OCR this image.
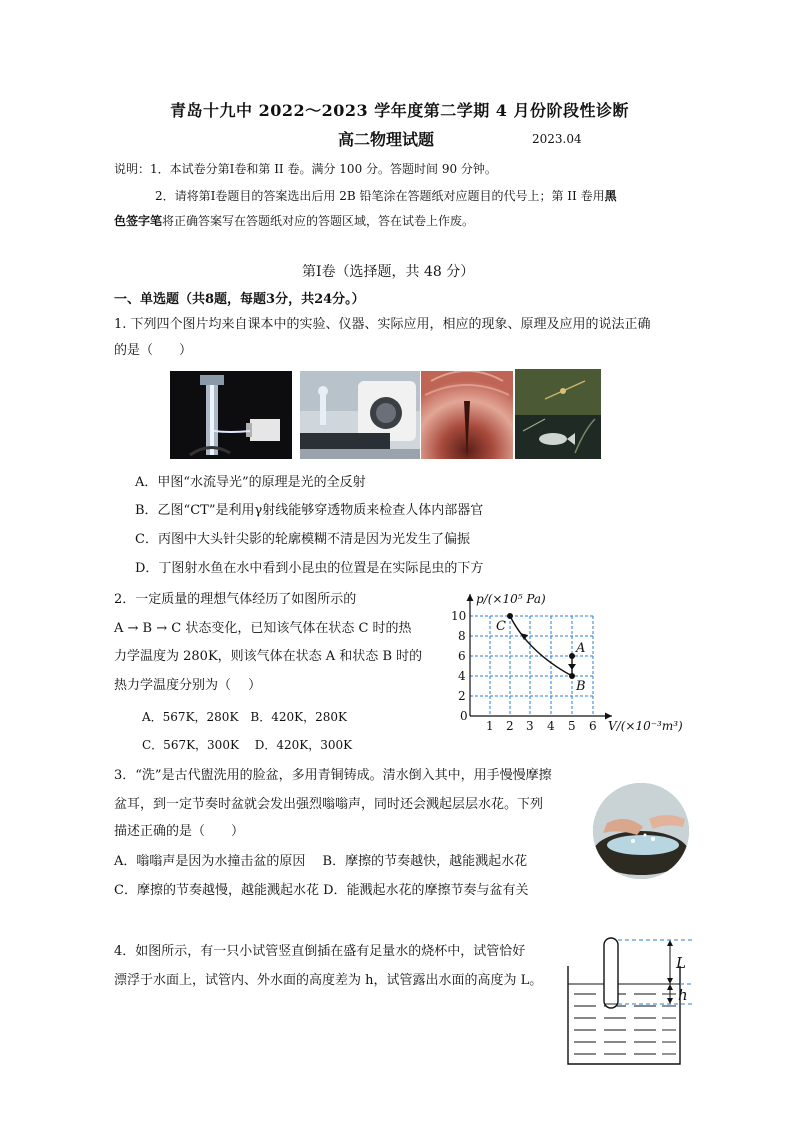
青岛十九中 2022～2023 学年度第二学期 4 月份阶段性诊断
高二物理试题	2023.04
说明：1．本试卷分第Ⅰ卷和第 II 卷。满分 100 分。答题时间 90 分钟。
2．请将第Ⅰ卷题目的答案选出后用 2B 铅笔涂在答题纸对应题目的代号上；第 II 卷用黑
色签字笔将正确答案写在答题纸对应的答题区域，答在试卷上作废。
第Ⅰ卷（选择题，共 48 分）
一、单选题（共8题，每题3分，共24分。）
1. 下列四个图片均来自课本中的实验、仪器、实际应用，相应的现象、原理及应用的说法正确
的是（　　）
A．甲图“水流导光”的原理是光的全反射
B．乙图“CT”是利用γ射线能够穿透物质来检查人体内部器官
C．丙图中大头针尖影的轮廓模糊不清是因为光发生了偏振
D．丁图射水鱼在水中看到小昆虫的位置是在实际昆虫的下方
2．一定质量的理想气体经历了如图所示的
A → B → C 状态变化，已知该气体在状态 C 时的热
力学温度为 280K，则该气体在状态 A 和状态 B 时的
热力学温度分别为（　 ）
A．567K，280K　B．420K，280K
C．567K，300K　 D．420K，300K
0
1 2 3 4 5 6
2
4
6
8
10
p/(×10⁵ Pa)
V/(×10⁻³m³)
C
A
B
3．“洗”是古代盥洗用的脸盆，多用青铜铸成。清水倒入其中，用手慢慢摩擦
盆耳，到一定节奏时盆就会发出强烈嗡嗡声，同时还会溅起层层水花。下列
描述正确的是（　　）
A．嗡嗡声是因为水撞击盆的原因　 B．摩擦的节奏越快，越能溅起水花
C．摩擦的节奏越慢，越能溅起水花 D．能溅起水花的摩擦节奏与盆有关
4．如图所示，有一只小试管竖直倒插在盛有足量水的烧杯中，试管恰好
漂浮于水面上，试管内、外水面的高度差为 h，试管露出水面的高度为 L。
L
h
